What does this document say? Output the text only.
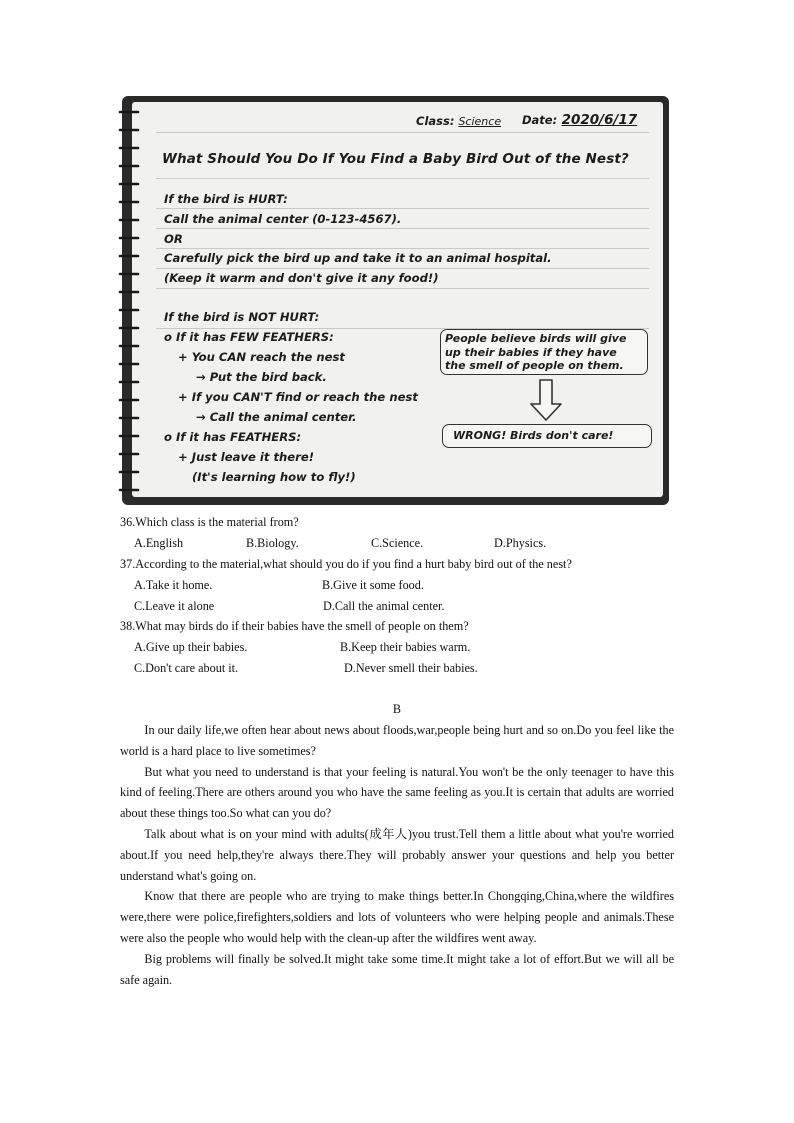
Class: Science Date: 2020/6/17
What Should You Do If You Find a Baby Bird Out of the Nest?
If the bird is HURT:
Call the animal center (0-123-4567).
OR
Carefully pick the bird up and take it to an animal hospital.
(Keep it warm and don't give it any food!)
If the bird is NOT HURT:
o If it has FEW FEATHERS:
+ You CAN reach the nest
→ Put the bird back.
+ If you CAN'T find or reach the nest
→ Call the animal center.
o If it has FEATHERS:
+ Just leave it there!
(It's learning how to fly!)
People believe birds will give
up their babies if they have
the smell of people on them.
WRONG! Birds don't care!
36.Which class is the material from?
A.English	B.Biology.	C.Science.	D.Physics.
37.According to the material,what should you do if you find a hurt baby bird out of the nest?
A.Take it home.	B.Give it some food.
C.Leave it alone	D.Call the animal center.
38.What may birds do if their babies have the smell of people on them?
A.Give up their babies.	B.Keep their babies warm.
C.Don't care about it.	D.Never smell their babies.
B

In our daily life,we often hear about news about floods,war,people being hurt and so on.Do you feel like the world is a hard place to live sometimes?

But what you need to understand is that your feeling is natural.You won't be the only teenager to have this kind of feeling.There are others around you who have the same feeling as you.It is certain that adults are worried about these things too.So what can you do?

Talk about what is on your mind with adults(成年人)you trust.Tell them a little about what you're worried about.If you need help,they're always there.They will probably answer your questions and help you better understand what's going on.

Know that there are people who are trying to make things better.In Chongqing,China,where the wildfires were,there were police,firefighters,soldiers and lots of volunteers who were helping people and animals.These were also the people who would help with the clean-up after the wildfires went away.

Big problems will finally be solved.It might take some time.It might take a lot of effort.But we will all be safe again.
